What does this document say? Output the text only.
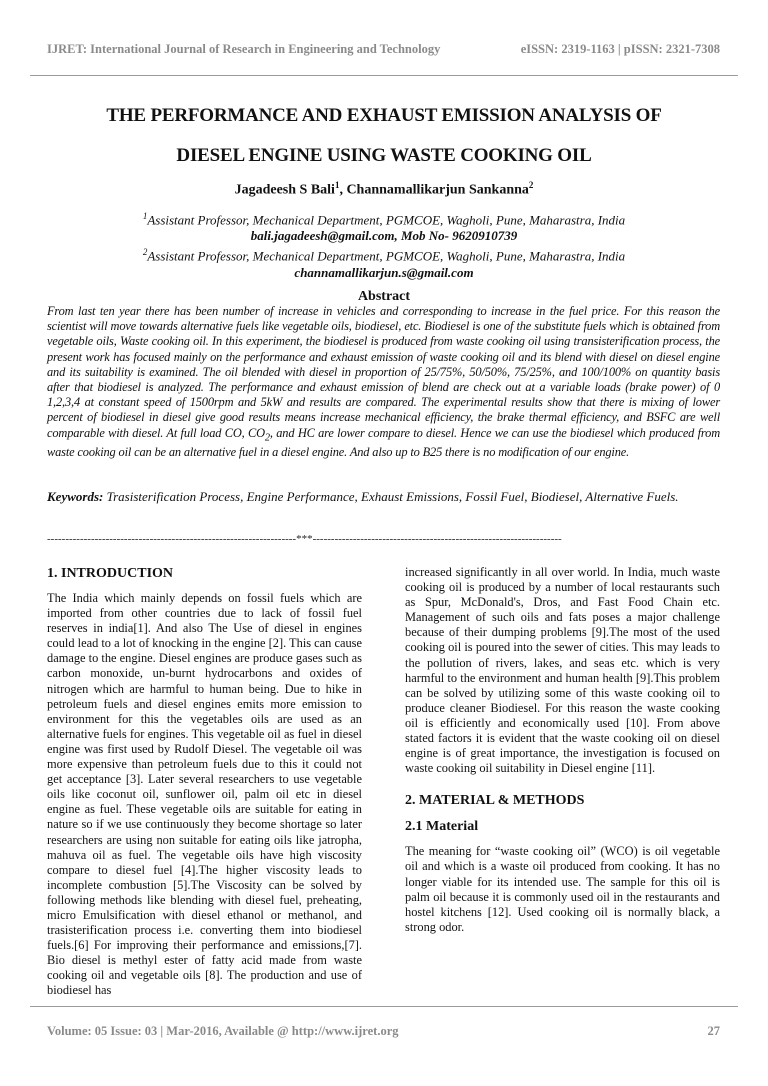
IJRET: International Journal of Research in Engineering and Technology	eISSN: 2319-1163 | pISSN: 2321-7308
THE PERFORMANCE AND EXHAUST EMISSION ANALYSIS OF
DIESEL ENGINE USING WASTE COOKING OIL
Jagadeesh S Bali$^1$, Channamallikarjun Sankanna$^2$
$^1$Assistant Professor, Mechanical Department, PGMCOE, Wagholi, Pune, Maharastra, India
bali.jagadeesh@gmail.com, Mob No- 9620910739
$^2$Assistant Professor, Mechanical Department, PGMCOE, Wagholi, Pune, Maharastra, India
channamallikarjun.s@gmail.com
Abstract
From last ten year there has been number of increase in vehicles and corresponding to increase in the fuel price. For this reason the scientist will move towards alternative fuels like vegetable oils, biodiesel, etc. Biodiesel is one of the substitute fuels which is obtained from vegetable oils, Waste cooking oil. In this experiment, the biodiesel is produced from waste cooking oil using transisterification process, the present work has focused mainly on the performance and exhaust emission of waste cooking oil and its blend with diesel on diesel engine and its suitability is examined. The oil blended with diesel in proportion of 25/75%, 50/50%, 75/25%, and 100/100% on quantity basis after that biodiesel is analyzed. The performance and exhaust emission of blend are check out at a variable loads (brake power) of 0 1,2,3,4 at constant speed of 1500rpm and 5kW and results are compared. The experimental results show that there is mixing of lower percent of biodiesel in diesel give good results means increase mechanical efficiency, the brake thermal efficiency, and BSFC are well comparable with diesel. At full load CO, $CO_2$, and HC are lower compare to diesel. Hence we can use the biodiesel which produced from waste cooking oil can be an alternative fuel in a diesel engine. And also up to B25 there is no modification of our engine.
Keywords: Trasisterification Process, Engine Performance, Exhaust Emissions, Fossil Fuel, Biodiesel, Alternative Fuels.
--------------------------------------------------------------------***--------------------------------------------------------------------
1. INTRODUCTION

The India which mainly depends on fossil fuels which are imported from other countries due to lack of fossil fuel reserves in india[1]. And also The Use of diesel in engines could lead to a lot of knocking in the engine [2]. This can cause damage to the engine. Diesel engines are produce gases such as carbon monoxide, un-burnt hydrocarbons and oxides of nitrogen which are harmful to human being. Due to hike in petroleum fuels and diesel engines emits more emission to environment for this the vegetables oils are used as an alternative fuels for engines. This vegetable oil as fuel in diesel engine was first used by Rudolf Diesel. The vegetable oil was more expensive than petroleum fuels due to this it could not get acceptance [3]. Later several researchers to use vegetable oils like coconut oil, sunflower oil, palm oil etc in diesel engine as fuel. These vegetable oils are suitable for eating in nature so if we use continuously they become shortage so later researchers are using non suitable for eating oils like jatropha, mahuva oil as fuel. The vegetable oils have high viscosity compare to diesel fuel [4].The higher viscosity leads to incomplete combustion [5].The Viscosity can be solved by following methods like blending with diesel fuel, preheating, micro Emulsification with diesel ethanol or methanol, and trasisterification process i.e. converting them into biodiesel fuels.[6] For improving their performance and emissions,[7]. Bio diesel is methyl ester of fatty acid made from waste cooking oil and vegetable oils [8]. The production and use of biodiesel has

increased significantly in all over world. In India, much waste cooking oil is produced by a number of local restaurants such as Spur, McDonald's, Dros, and Fast Food Chain etc. Management of such oils and fats poses a major challenge because of their dumping problems [9].The most of the used cooking oil is poured into the sewer of cities. This may leads to the pollution of rivers, lakes, and seas etc. which is very harmful to the environment and human health [9].This problem can be solved by utilizing some of this waste cooking oil to produce cleaner Biodiesel. For this reason the waste cooking oil is efficiently and economically used [10]. From above stated factors it is evident that the waste cooking oil on diesel engine is of great importance, the investigation is focused on waste cooking oil suitability in Diesel engine [11].

2. MATERIAL & METHODS
2.1 Material

The meaning for “waste cooking oil” (WCO) is oil vegetable oil and which is a waste oil produced from cooking. It has no longer viable for its intended use. The sample for this oil is palm oil because it is commonly used oil in the restaurants and hostel kitchens [12]. Used cooking oil is normally black, a strong odor.

Volume: 05 Issue: 03 | Mar-2016, Available @ http://www.ijret.org	27
